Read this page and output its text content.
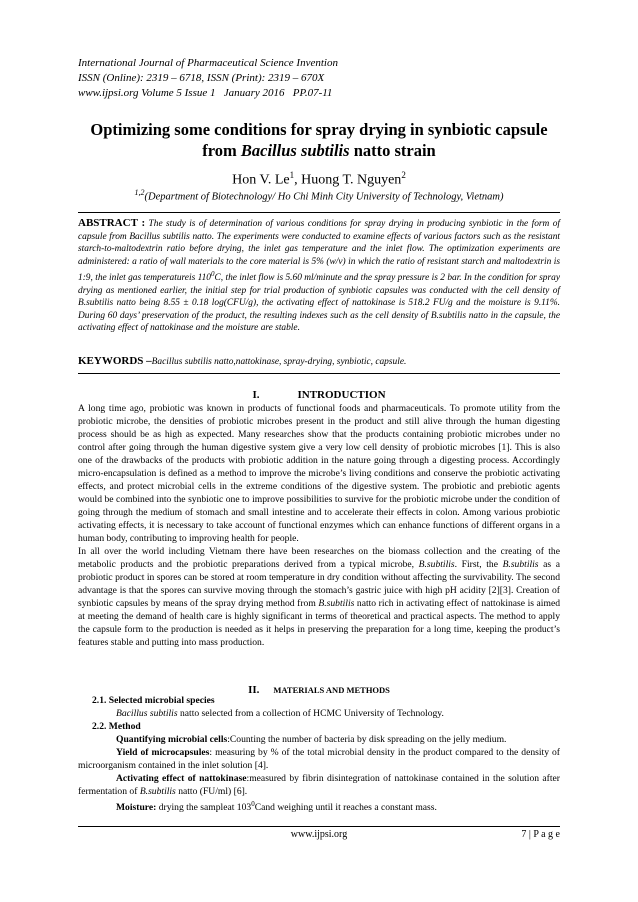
International Journal of Pharmaceutical Science Invention
ISSN (Online): 2319 – 6718, ISSN (Print): 2319 – 670X
www.ijpsi.org Volume 5 Issue 1   January 2016   PP.07-11
Optimizing some conditions for spray drying in synbiotic capsule
from Bacillus subtilis natto strain
Hon V. Le$^1$, Huong T. Nguyen$^2$
$^{1,2}$(Department of Biotechnology/ Ho Chi Minh City University of Technology, Vietnam)
ABSTRACT : The study is of determination of various conditions for spray drying in producing synbiotic in the form of capsule from Bacillus subtilis natto. The experiments were conducted to examine effects of various factors such as the resistant starch-to-maltodextrin ratio before drying, the inlet gas temperature and the inlet flow. The optimization experiments are administered: a ratio of wall materials to the core material is 5% (w/v) in which the ratio of resistant starch and maltodextrin is 1:9, the inlet gas temperatureis $110^0C$, the inlet flow is 5.60 ml/minute and the spray pressure is 2 bar. In the condition for spray drying as mentioned earlier, the initial step for trial production of synbiotic capsules was conducted with the cell density of B.subtilis natto being 8.55 ± 0.18 log(CFU/g), the activating effect of nattokinase is 518.2 FU/g and the moisture is 9.11%. During 60 days’ preservation of the product, the resulting indexes such as the cell density of B.subtilis natto in the capsule, the activating effect of nattokinase and the moisture are stable.
KEYWORDS –Bacillus subtilis natto,nattokinase, spray-drying, synbiotic, capsule.
I.	INTRODUCTION

A long time ago, probiotic was known in products of functional foods and pharmaceuticals. To promote utility from the probiotic microbe, the densities of probiotic microbes present in the product and still alive through the human digesting process should be as high as expected. Many researches show that the products containing probiotic microbes under no control after going through the human digestive system give a very low cell density of probiotic microbes [1]. This is also one of the drawbacks of the products with probiotic addition in the nature going through a digesting process. Accordingly micro-encapsulation is defined as a method to improve the microbe’s living conditions and conserve the probiotic activating effects, and protect microbial cells in the extreme conditions of the digestive system. The probiotic and prebiotic agents would be combined into the synbiotic one to improve possibilities to survive for the probiotic microbe under the condition of going through the medium of stomach and small intestine and to accelerate their effects in colon. Among various probiotic activating effects, it is necessary to take account of functional enzymes which can enhance functions of different organs in a human body, contributing to improving health for people.

In all over the world including Vietnam there have been researches on the biomass collection and the creating of the metabolic products and the probiotic preparations derived from a typical microbe, B.subtilis. First, the B.subtilis as a probiotic product in spores can be stored at room temperature in dry condition without affecting the survivability. The second advantage is that the spores can survive moving through the stomach’s gastric juice with high pH acidity [2][3]. Creation of synbiotic capsules by means of the spray drying method from B.subtilis natto rich in activating effect of nattokinase is aimed at meeting the demand of health care is highly significant in terms of theoretical and practical aspects. The method to apply the capsule form to the production is needed as it helps in preserving the preparation for a long time, keeping the product’s features stable and putting into mass production.

II. MATERIALS AND METHODS

2.1. Selected microbial species

Bacillus subtilis natto selected from a collection of HCMC University of Technology.

2.2. Method

Quantifying microbial cells:Counting the number of bacteria by disk spreading on the jelly medium.

Yield of microcapsules: measuring by % of the total microbial density in the product compared to the density of microorganism contained in the inlet solution [4].

Activating effect of nattokinase:measured by fibrin disintegration of nattokinase contained in the solution after fermentation of B.subtilis natto (FU/ml) [6].

Moisture: drying the sampleat $103^0Cand$ weighing until it reaches a constant mass.

www.ijpsi.org	7 | P a g e
